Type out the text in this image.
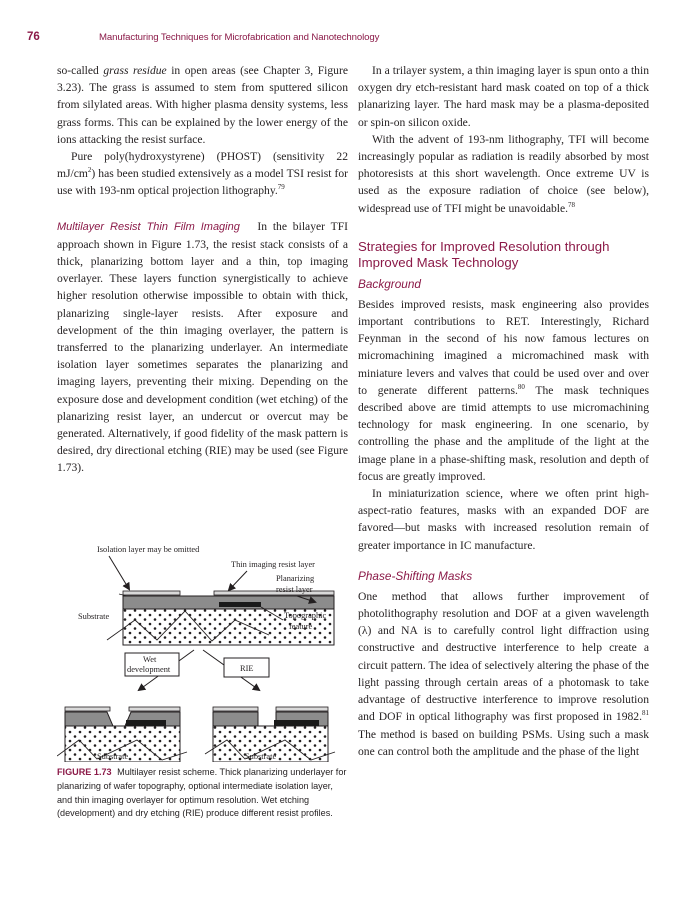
76	Manufacturing Techniques for Microfabrication and Nanotechnology

so-called grass residue in open areas (see Chapter 3, Figure 3.23). The grass is assumed to stem from sputtered silicon from silylated areas. With higher plasma density systems, less grass forms. This can be explained by the lower energy of the ions attacking the resist surface.

Pure poly(hydroxystyrene) (PHOST) (sensitivity 22 $mJ/cm^2$) has been studied extensively as a model TSI resist for use with 193-nm optical projection lithography.$^{79}$

Multilayer Resist Thin Film Imaging In the bilayer TFI approach shown in Figure 1.73, the resist stack consists of a thick, planarizing bottom layer and a thin, top imaging overlayer. These layers function synergistically to achieve higher resolution otherwise impossible to obtain with thick, planarizing single-layer resists. After exposure and development of the thin imaging overlayer, the pattern is transferred to the planarizing underlayer. An intermediate isolation layer sometimes separates the planarizing and imaging layers, preventing their mixing. Depending on the exposure dose and development condition (wet etching) of the planarizing resist layer, an undercut or overcut may be generated. Alternatively, if good fidelity of the mask pattern is desired, dry directional etching (RIE) may be used (see Figure 1.73).

Isolation layer may be omitted
Thin imaging resist layer
Planarizing
resist layer
Substrate	Topographic
feature
Wet
development	RIE
Substrate	Substrate
FIGURE 1.73 Multilayer resist scheme. Thick planarizing underlayer for planarizing of wafer topography, optional intermediate isolation layer, and thin imaging overlayer for optimum resolution. Wet etching (development) and dry etching (RIE) produce different resist profiles.

In a trilayer system, a thin imaging layer is spun onto a thin oxygen dry etch-resistant hard mask coated on top of a thick planarizing layer. The hard mask may be a plasma-deposited or spin-on silicon oxide.

With the advent of 193-nm lithography, TFI will become increasingly popular as radiation is readily absorbed by most photoresists at this short wavelength. Once extreme UV is used as the exposure radiation of choice (see below), widespread use of TFI might be unavoidable.$^{78}$

Strategies for Improved Resolution through Improved Mask Technology
Background

Besides improved resists, mask engineering also provides important contributions to RET. Interestingly, Richard Feynman in the second of his now famous lectures on micromachining imagined a micromachined mask with miniature levers and valves that could be used over and over to generate different patterns.$^{80}$ The mask techniques described above are timid attempts to use micromachining technology for mask engineering. In one scenario, by controlling the phase and the amplitude of the light at the image plane in a phase-shifting mask, resolution and depth of focus are greatly improved.

In miniaturization science, where we often print high-aspect-ratio features, masks with an expanded DOF are favored—but masks with increased resolution remain of greater importance in IC manufacture.

Phase-Shifting Masks

One method that allows further improvement of photolithography resolution and DOF at a given wavelength (λ) and NA is to carefully control light diffraction using constructive and destructive interference to help create a circuit pattern. The idea of selectively altering the phase of the light passing through certain areas of a photomask to take advantage of destructive interference to improve resolution and DOF in optical lithography was first proposed in 1982.81 The method is based on building PSMs. Using such a mask one can control both the amplitude and the phase of the light
